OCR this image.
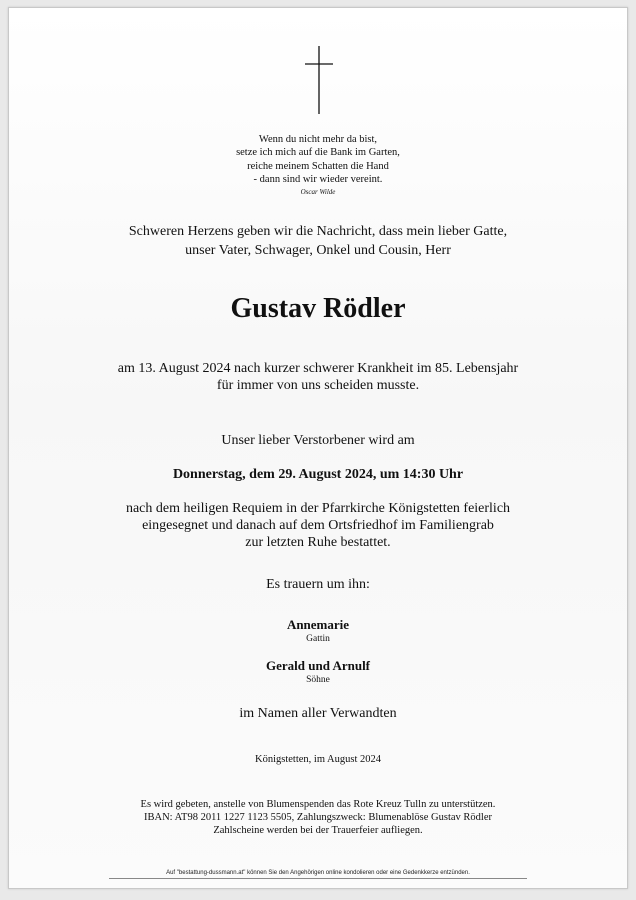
Wenn du nicht mehr da bist,
setze ich mich auf die Bank im Garten,
reiche meinem Schatten die Hand
- dann sind wir wieder vereint.
Oscar Wilde
Schweren Herzens geben wir die Nachricht, dass mein lieber Gatte,
unser Vater, Schwager, Onkel und Cousin, Herr
Gustav Rödler
am 13. August 2024 nach kurzer schwerer Krankheit im 85. Lebensjahr
für immer von uns scheiden musste.
Unser lieber Verstorbener wird am
Donnerstag, dem 29. August 2024, um 14:30 Uhr
nach dem heiligen Requiem in der Pfarrkirche Königstetten feierlich
eingesegnet und danach auf dem Ortsfriedhof im Familiengrab
zur letzten Ruhe bestattet.
Es trauern um ihn:
Annemarie
Gattin
Gerald und Arnulf
Söhne
im Namen aller Verwandten
Königstetten, im August 2024
Es wird gebeten, anstelle von Blumenspenden das Rote Kreuz Tulln zu unterstützen.
IBAN: AT98 2011 1227 1123 5505, Zahlungszweck: Blumenablöse Gustav Rödler
Zahlscheine werden bei der Trauerfeier aufliegen.
Auf "bestattung-dussmann.at" können Sie den Angehörigen online kondolieren oder eine Gedenkkerze entzünden.
